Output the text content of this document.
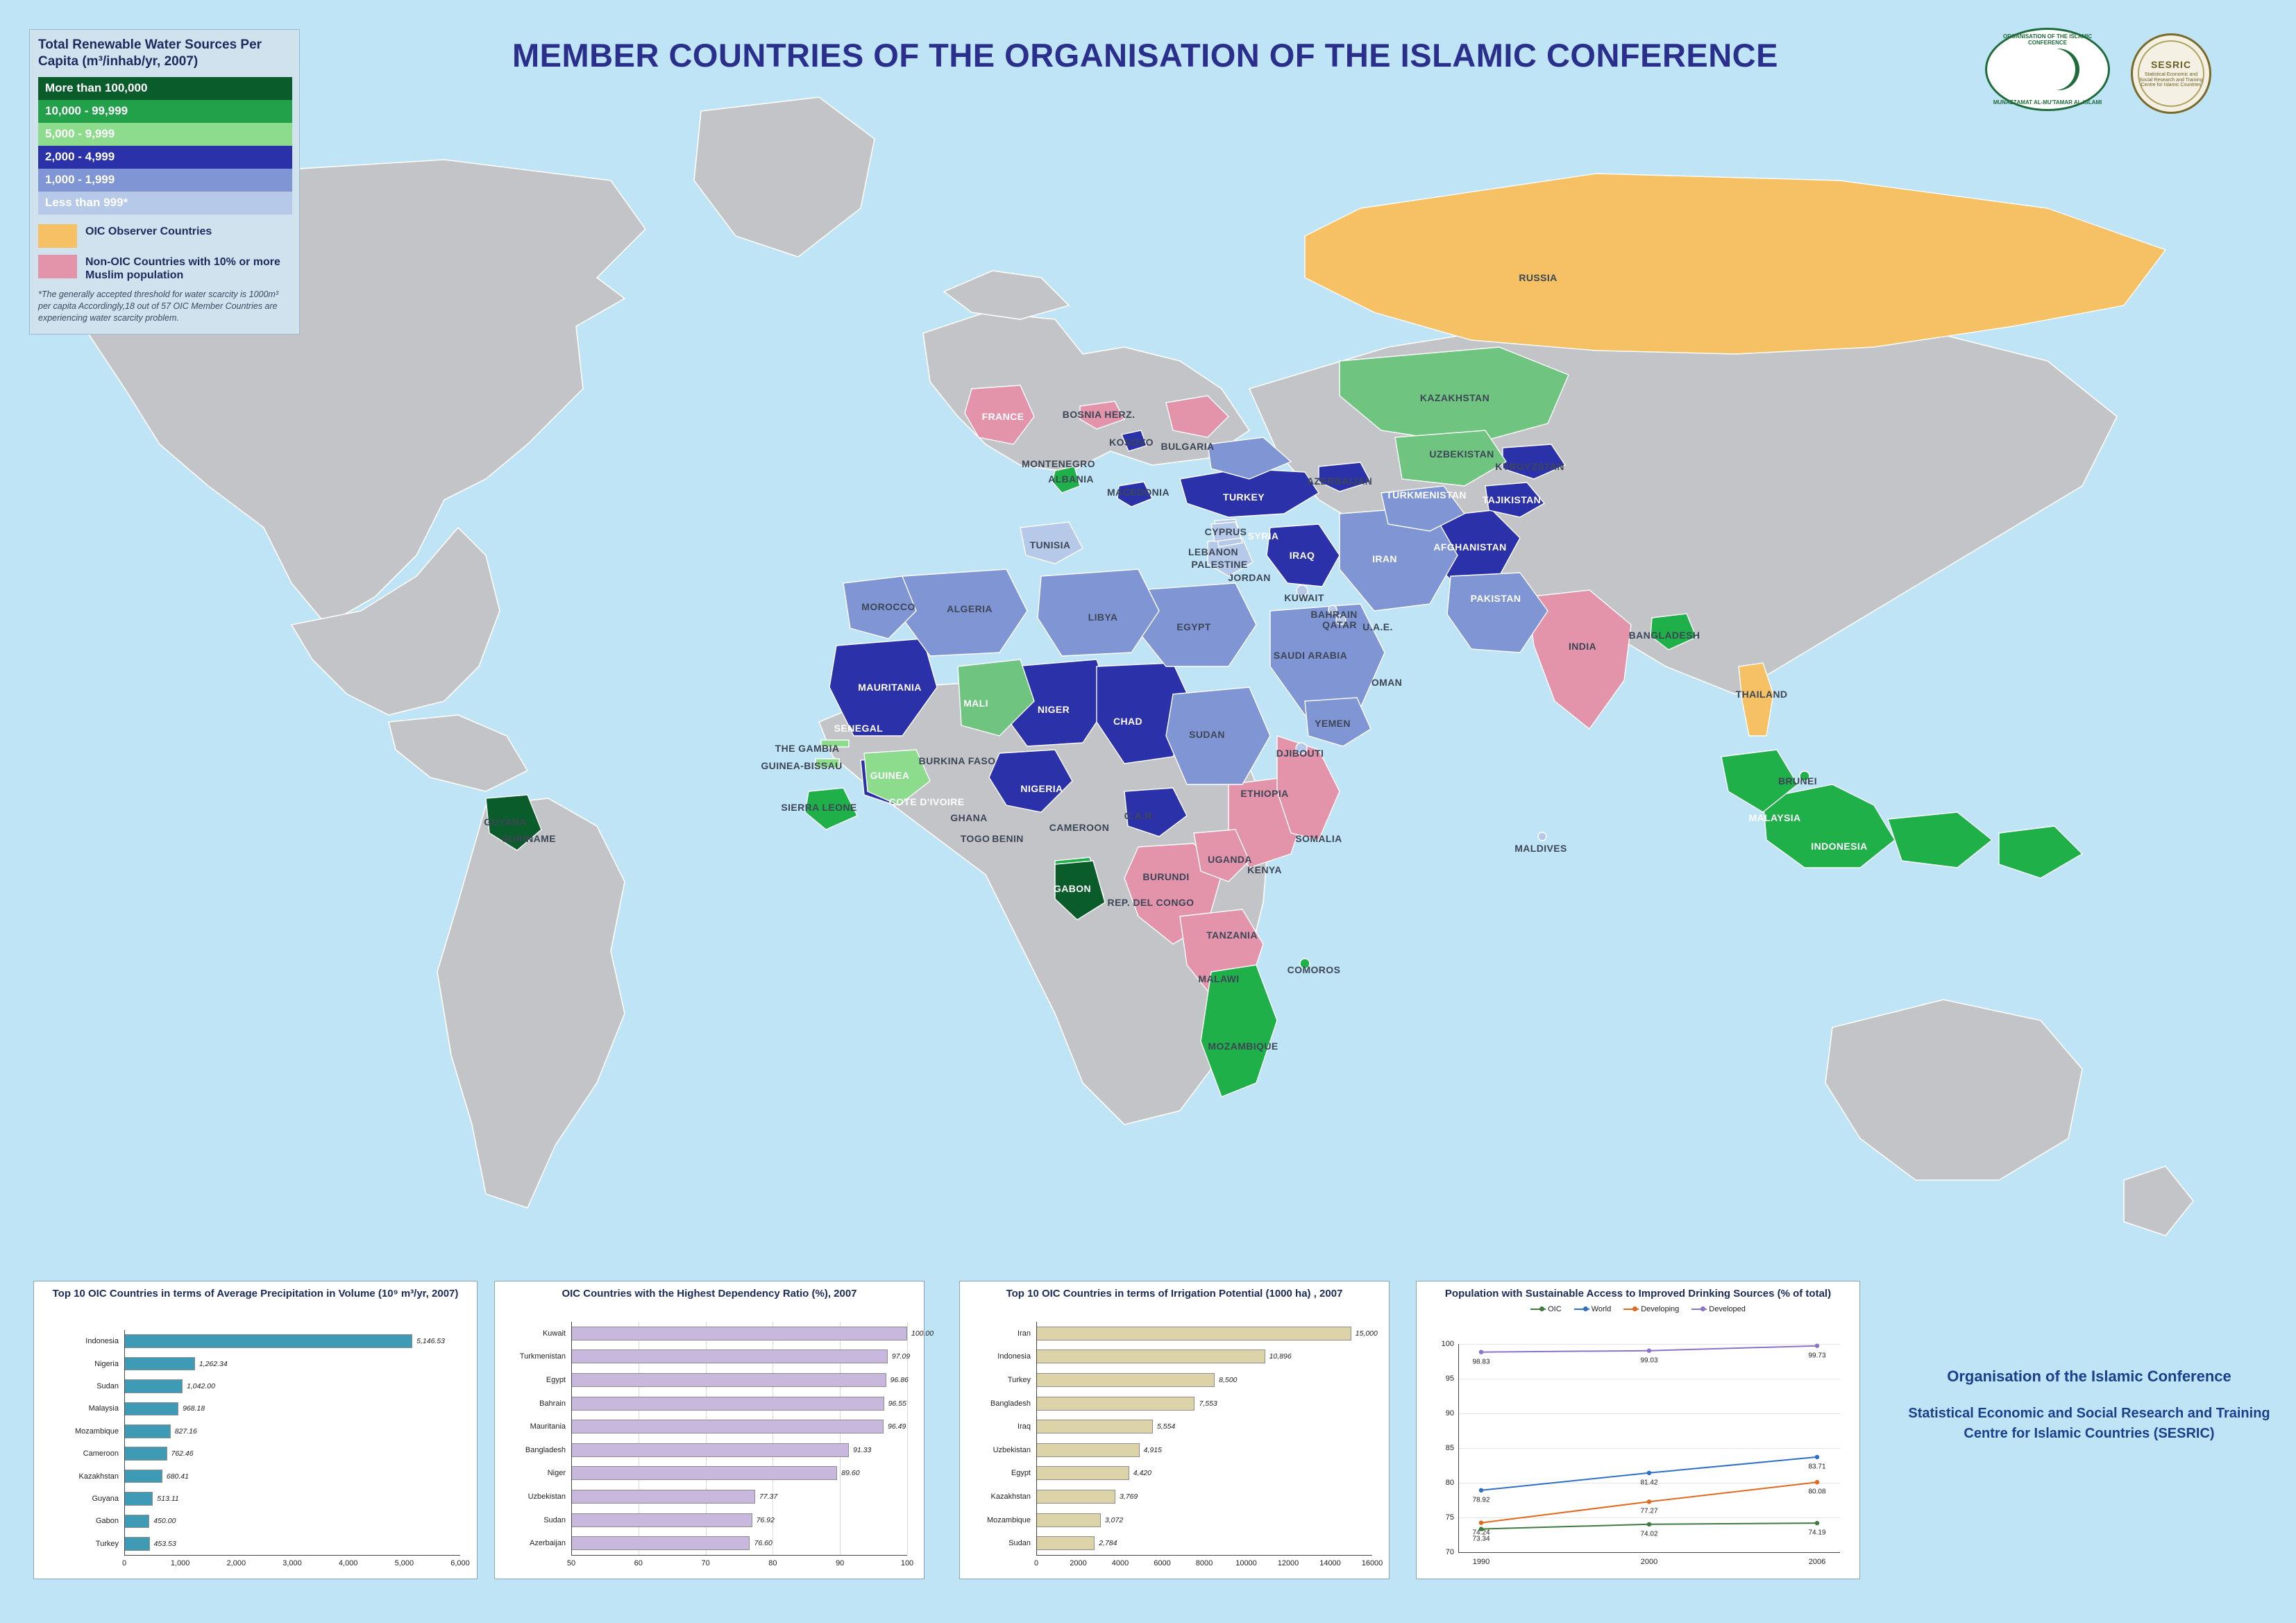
RUSSIA
FRANCE	BOSNIA HERZ.
BULGARIA
MONTENEGRO
ALBANIA
MACEDONIA
KOSOVO
TURKEY
KAZAKHSTAN
UZBEKISTAN
KYRGYZSTAN
TAJIKISTAN
TURKMENISTAN
AZERBAIJAN
CYPRUS SYRIA
LEBANON
PALESTINE
JORDAN
IRAQ	IRAN
AFGHANISTAN
PAKISTAN
INDIA
BANGLADESH
KUWAIT
BAHRAIN
QATAR U.A.E.
SAUDI ARABIA
OMAN
YEMEN
DJIBOUTI
MOROCCO	ALGERIA
TUNISIA
LIBYA
EGYPT
SUDAN
CHAD
NIGER
MALI
MAURITANIA
SENEGAL
THE GAMBIA
GUINEA-BISSAU
GUINEA
SIERRA LEONE
BURKINA FASO
COTE D'IVOIRE
GHANA
TOGO BENIN
NIGERIA
CAMEROON
C.A.R.
GABON
REP. DEL CONGO
BURUNDI
UGANDA
KENYA
ETHIOPIA
SOMALIA
TANZANIA
MALAWI
COMOROS
MOZAMBIQUE
GUYANA
SURINAME
MALDIVES
THAILAND
BRUNEI
MALAYSIA
INDONESIA
MEMBER COUNTRIES OF THE ORGANISATION OF THE ISLAMIC CONFERENCE
ORGANISATION OF THE ISLAMIC CONFERENCE
MUNAZZAMAT AL-MU'TAMAR AL-ISLAMI
SESRIC
Statistical Economic and Social Research and Training Centre for Islamic Countries
Total Renewable Water Sources Per Capita (m³/inhab/yr, 2007)
More than 100,000
10,000 - 99,999
5,000 - 9,999
2,000 - 4,999
1,000 - 1,999
Less than 999*
OIC Observer Countries
Non-OIC Countries with 10% or more Muslim population
*The generally accepted threshold for water scarcity is 1000m³ per capita Accordingly,18 out of 57 OIC Member Countries are experiencing water scarcity problem.
Top 10 OIC Countries in terms of Average Precipitation in Volume (10⁹ m³/yr, 2007)
Indonesia	5,146.53
Nigeria	1,262.34
Sudan	1,042.00
Malaysia	968.18
Mozambique	827.16
Cameroon	762.46
Kazakhstan	680.41
Guyana	513.11
Gabon	450.00
Turkey	453.53
0	1,000	2,000	3,000	4,000	5,000	6,000
OIC Countries with the Highest Dependency Ratio (%), 2007
Kuwait	100.00
Turkmenistan	97.09
Egypt	96.86
Bahrain	96.55
Mauritania	96.49
Bangladesh	91.33
Niger	89.60
Uzbekistan	77.37
Sudan	76.92
Azerbaijan	76.60
50	60	70	80	90	100
Top 10 OIC Countries in terms of Irrigation Potential (1000 ha) , 2007
Iran	15,000
Indonesia	10,896
Turkey	8,500
Bangladesh	7,553
Iraq	5,554
Uzbekistan	4,915
Egypt	4,420
Kazakhstan	3,769
Mozambique	3,072
Sudan	2,784
0	2000	4000	6000	8000	10000	12000	14000	16000
Population with Sustainable Access to Improved Drinking Sources (% of total)
OIC	World	Developing	Developed
70
75
80
85
90
95
100
73.34
74.02	74.19
78.92
81.42
83.71
74.24
77.27
80.08
98.83	99.03
99.73
1990	2000	2006
Organisation of the Islamic Conference
Statistical Economic and Social Research and Training Centre for Islamic Countries (SESRIC)
